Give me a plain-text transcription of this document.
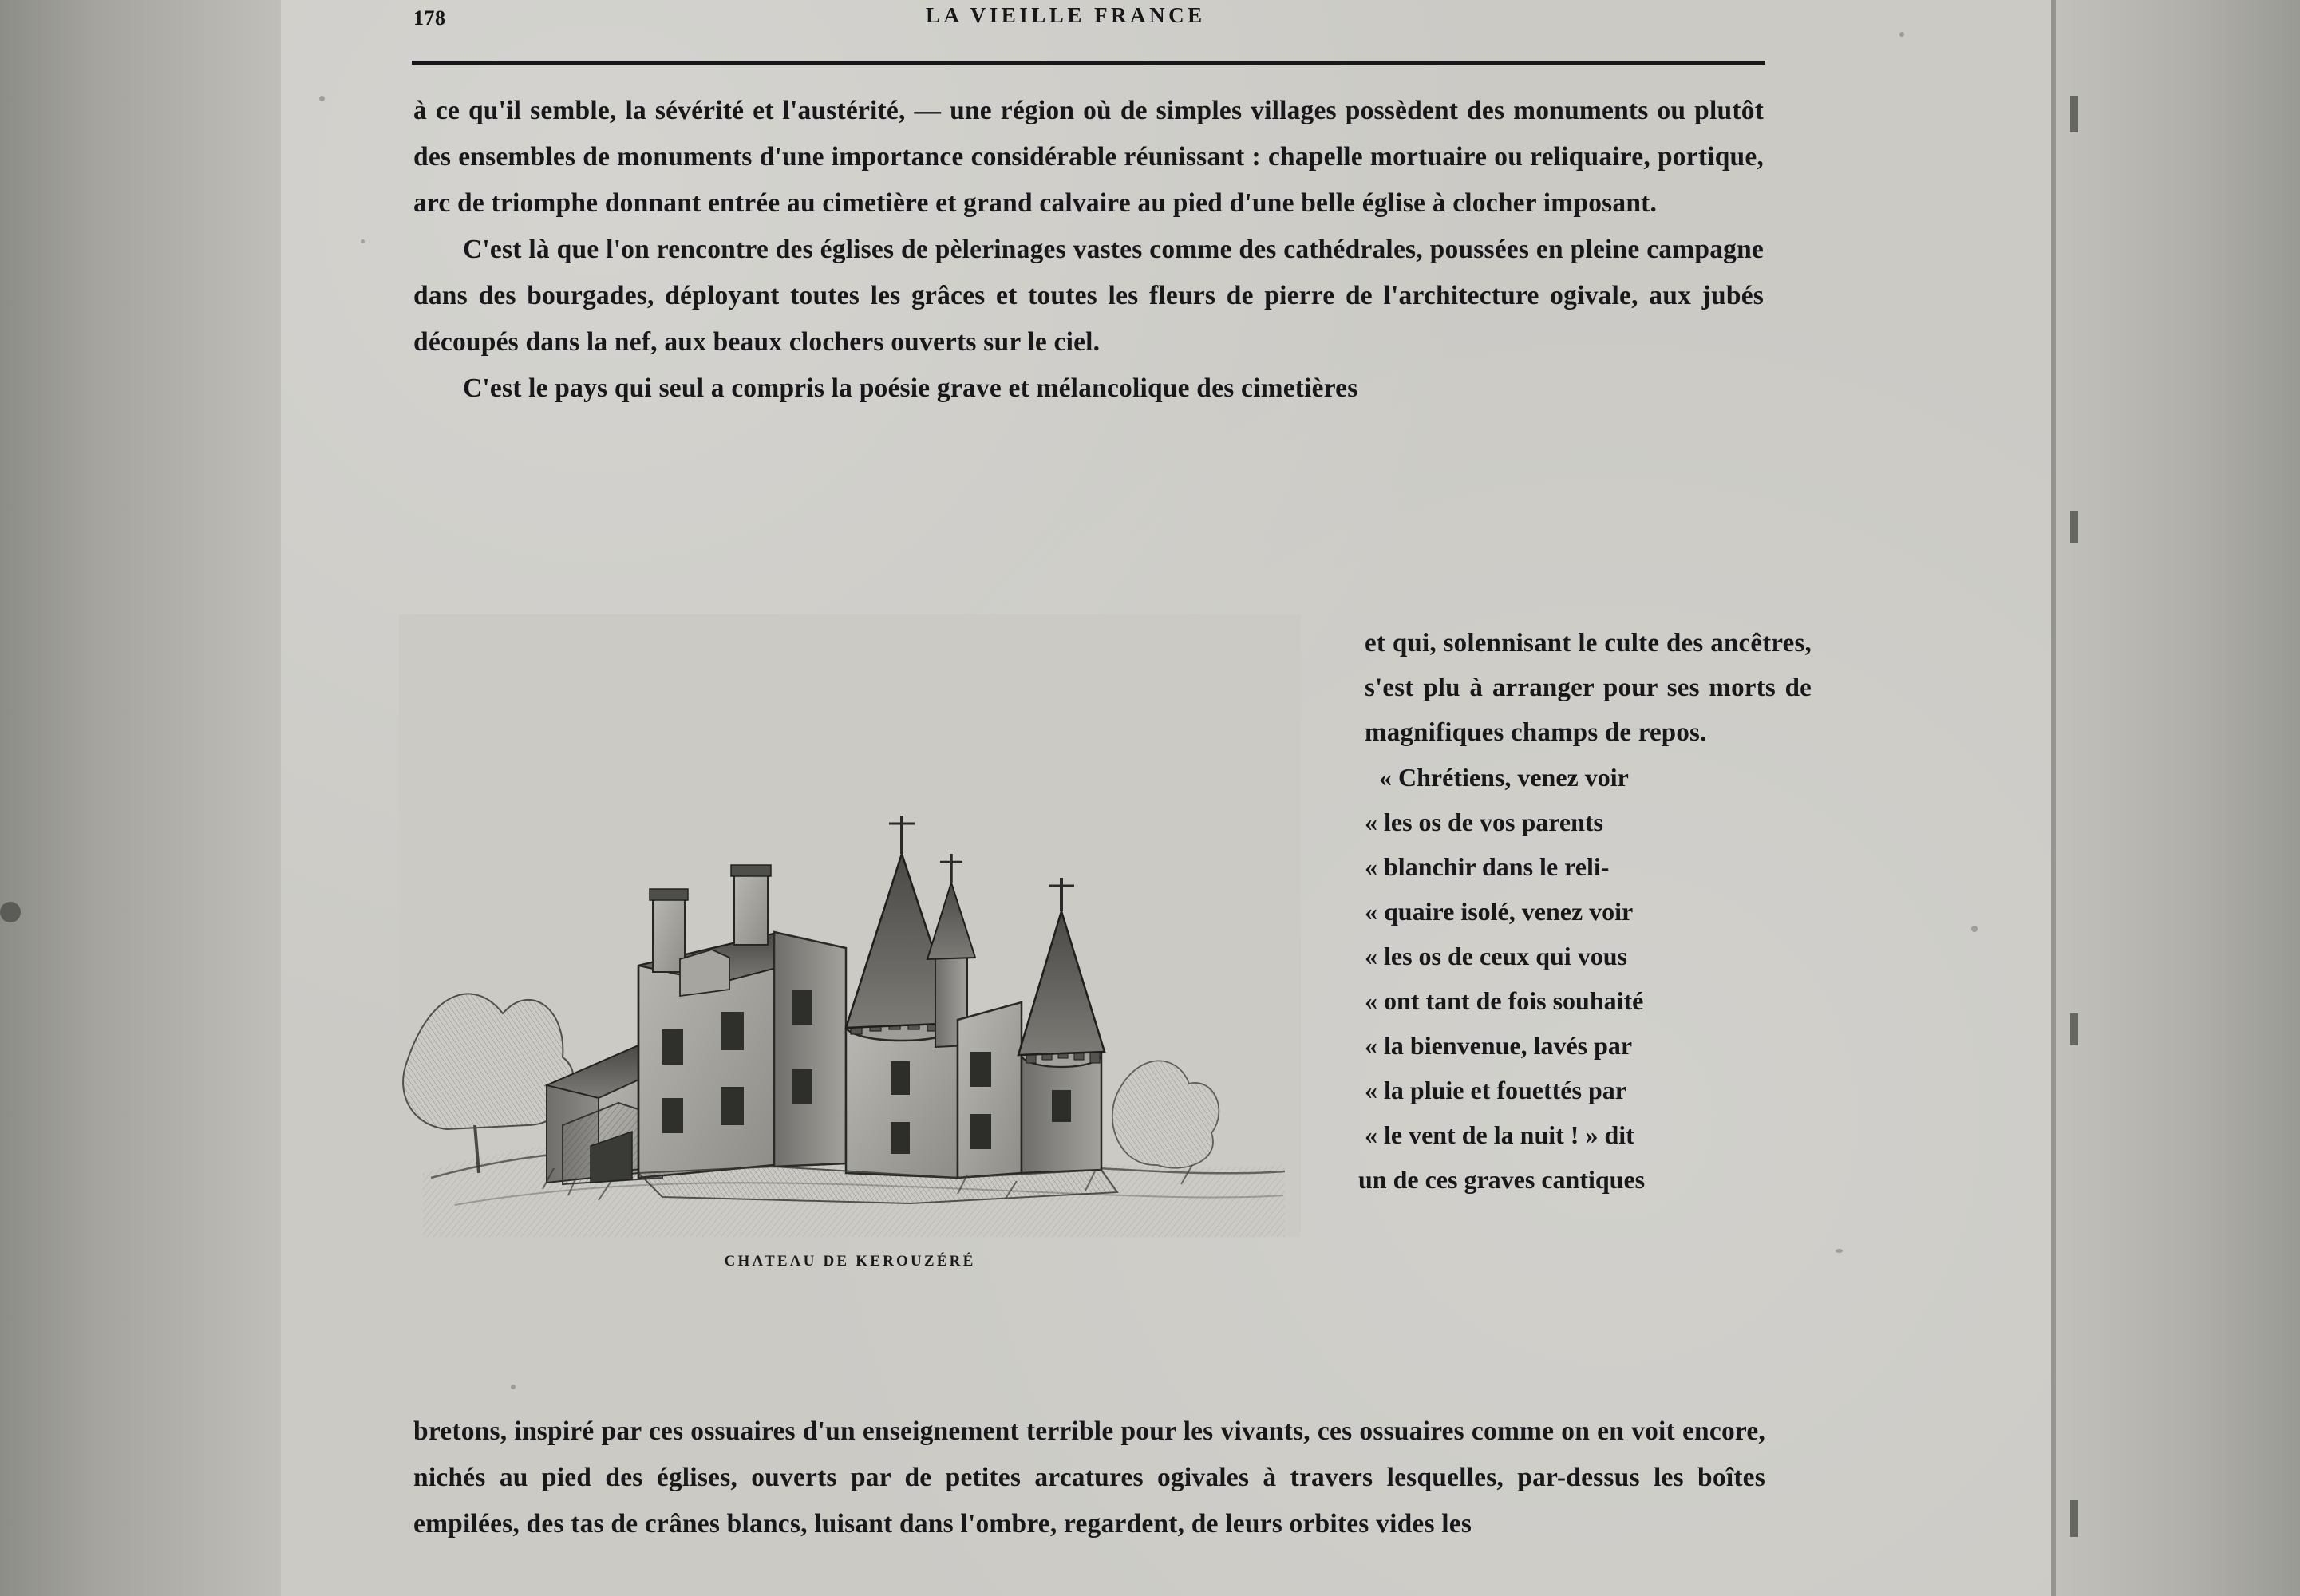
178	LA VIEILLE FRANCE

à ce qu'il semble, la sévérité et l'austérité, — une région où de simples villages possèdent des monuments ou plutôt des ensembles de monuments d'une importance considérable réunissant : chapelle mortuaire ou reliquaire, portique, arc de triomphe donnant entrée au cimetière et grand calvaire au pied d'une belle église à clocher imposant.

C'est là que l'on rencontre des églises de pèlerinages vastes comme des cathédrales, poussées en pleine campagne dans des bourgades, déployant toutes les grâces et toutes les fleurs de pierre de l'architecture ogivale, aux jubés découpés dans la nef, aux beaux clochers ouverts sur le ciel.

C'est le pays qui seul a compris la poésie grave et mélancolique des cimetières

CHATEAU DE KEROUZÉRÉ

et qui, solennisant le culte des ancêtres, s'est plu à arranger pour ses morts de magnifiques champs de repos.

« Chrétiens, venez voir
« les os de vos parents
« blanchir dans le reli-
« quaire isolé, venez voir
« les os de ceux qui vous
« ont tant de fois souhaité
« la bienvenue, lavés par
« la pluie et fouettés par
« le vent de la nuit ! » dit
un de ces graves cantiques

bretons, inspiré par ces ossuaires d'un enseignement terrible pour les vivants, ces ossuaires comme on en voit encore, nichés au pied des églises, ouverts par de petites arcatures ogivales à travers lesquelles, par-dessus les boîtes empilées, des tas de crânes blancs, luisant dans l'ombre, regardent, de leurs orbites vides les
